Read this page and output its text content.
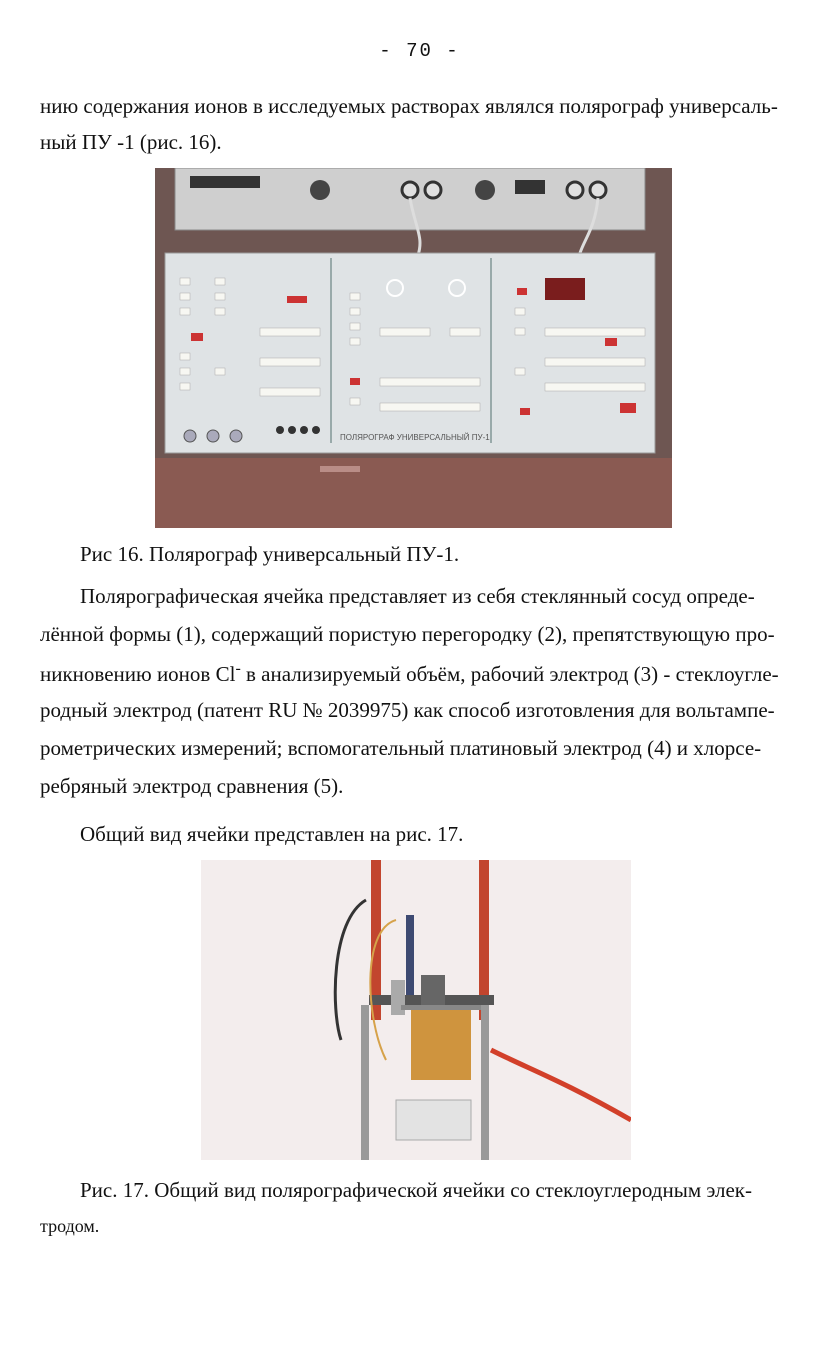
- 70 -
нию содержания ионов в исследуемых растворах являлся полярограф универсаль-
ный ПУ -1 (рис. 16).
ПОЛЯРОГРАФ УНИВЕРСАЛЬНЫЙ ПУ-1
Рис 16. Полярограф универсальный ПУ-1.
Полярографическая ячейка представляет из себя стеклянный сосуд опреде-
лённой формы (1), содержащий пористую перегородку (2), препятствующую про-
никновению ионов Cl- в анализируемый объём, рабочий электрод (3) - стеклоугле-
родный электрод (патент RU № 2039975) как способ изготовления для вольтампе-
рометрических измерений; вспомогательный платиновый электрод (4) и хлорсе-
ребряный электрод сравнения (5).
Общий вид ячейки представлен на рис. 17.
Рис. 17. Общий вид полярографической ячейки со стеклоуглеродным элек-
тродом.
